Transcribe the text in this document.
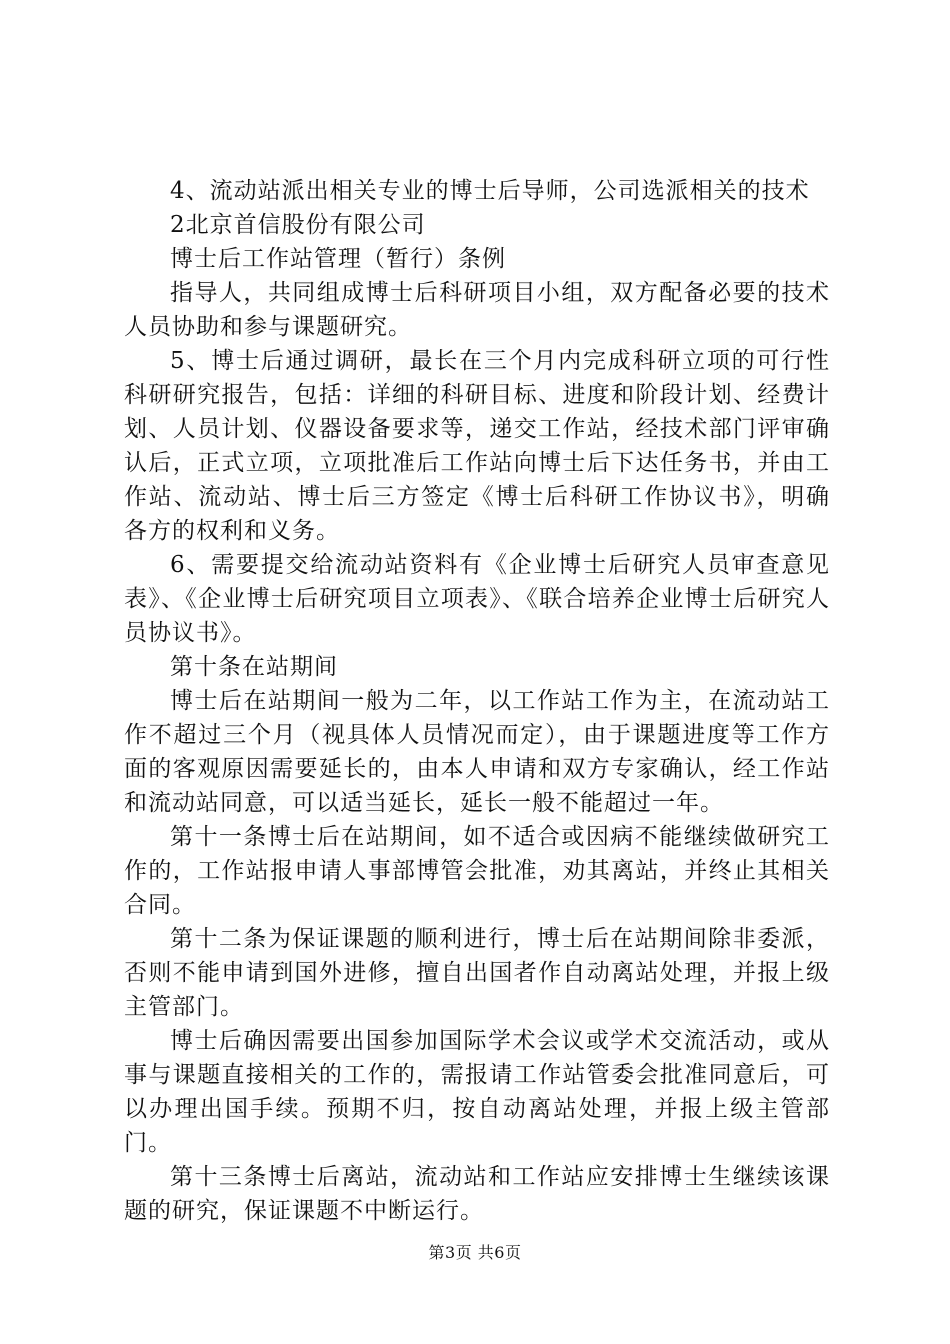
4、流动站派出相关专业的博士后导师，公司选派相关的技术

2北京首信股份有限公司

博士后工作站管理（暂行）条例

指导人，共同组成博士后科研项目小组，双方配备必要的技术人员协助和参与课题研究。

5、博士后通过调研，最长在三个月内完成科研立项的可行性科研研究报告，包括：详细的科研目标、进度和阶段计划、经费计划、人员计划、仪器设备要求等，递交工作站，经技术部门评审确认后，正式立项，立项批准后工作站向博士后下达任务书，并由工作站、流动站、博士后三方签定《博士后科研工作协议书》，明确各方的权利和义务。

6、需要提交给流动站资料有《企业博士后研究人员审查意见表》、《企业博士后研究项目立项表》、《联合培养企业博士后研究人员协议书》。

第十条在站期间

博士后在站期间一般为二年，以工作站工作为主，在流动站工作不超过三个月（视具体人员情况而定），由于课题进度等工作方面的客观原因需要延长的，由本人申请和双方专家确认，经工作站和流动站同意，可以适当延长，延长一般不能超过一年。

第十一条博士后在站期间，如不适合或因病不能继续做研究工作的，工作站报申请人事部博管会批准，劝其离站，并终止其相关合同。

第十二条为保证课题的顺利进行，博士后在站期间除非委派，否则不能申请到国外进修，擅自出国者作自动离站处理，并报上级主管部门。

博士后确因需要出国参加国际学术会议或学术交流活动，或从事与课题直接相关的工作的，需报请工作站管委会批准同意后，可以办理出国手续。预期不归，按自动离站处理，并报上级主管部门。

第十三条博士后离站，流动站和工作站应安排博士生继续该课题的研究，保证课题不中断运行。

第3页 共6页
